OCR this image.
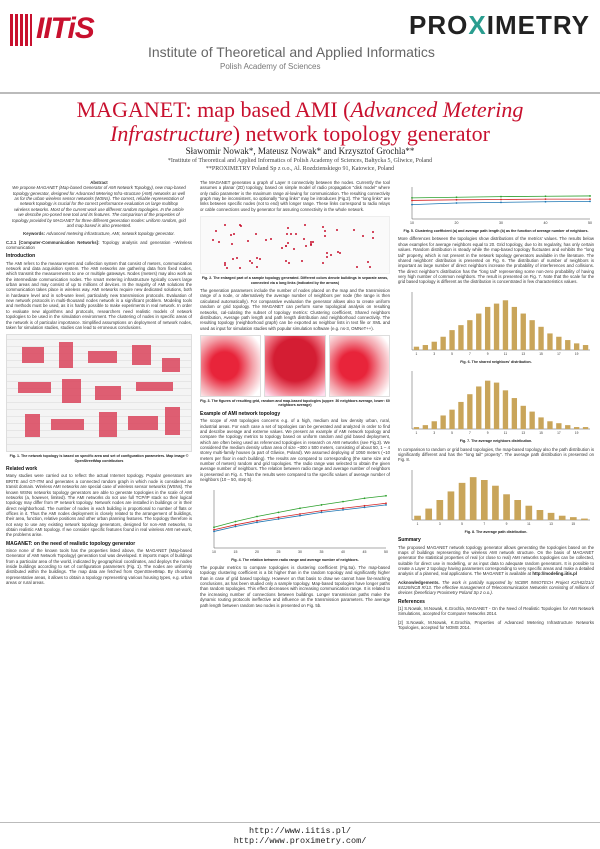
IITiS
Institute of Theoretical and Applied Informatics
Polish Academy of Sciences
PROXIMETRY
MAGANET: map based AMI (Advanced Metering Infrastructure) network topology generator
Sławomir Nowak*, Mateusz Nowak* and Krzysztof Grochla**
*Institute of Theoretical and Applied Informatics of Polish Academy of Sciences, Bałtycka 5, Gliwice, Poland
**PROXIMETRY Poland Sp z o.o., Al. Rozdzienskiego 91, Katowice, Poland
Abstract

We propose MAGANET (Map-based Generator of AMI Network Topology), new map-based topology generator, designed for Advanced Metering Infra-structure (AMI) networks as well as for the urban wireless sensor networks (WSNs). The correct, reliable representation of network topology is crucial for the correct performance evaluation on large multihop wireless networks. Most of the current work use different random topologies. In the article we describe pro-posed new tool and its features. The comparison of the properties of topology provided by MAGANET for three different generation modes: uniform random, grid and map based is also presented.

Keywords: Advanced metering infrastructure, AMI, network topology generator.

C.2.1 [Computer-Communication Networks]: Topology analysis and generation –Wireless communication

Introduction

The AMI refers to the measurement and collection system that consist of meters, communication network and data acquisition system. The AMI networks are gathering data from fixed nodes, which transmit the measurements to one or multiple gateways. Nodes (meters) may also work as the intermediate communication nodes. The smart metering infrastructure typically covers large urban areas and may consist of up to millions of devices. In the majority of AMI solutions the communication takes place in wireless way. AMI networks require new dedicated solutions, both in hardware level and in soft-ware level, particularly new transmission protocols. Evaluation of new network protocols in multi-thousand nodes network is a significant problem. Modeling tools and methods must be used, as it is hardly possible to make experiments in real network. In order to evaluate new algorithms and protocols, researchers need realistic models of network topologies to be used in the simulation environment. The clustering of nodes in specific areas of the network is of particular importance. Simplified assumptions on deployment of network nodes, taken for simulation studies, studies can lead to erroneous conclusions.

Fig. 1. The network topology is based on specific area and set of configuration parameters. Map image © OpenStreetMap contributors
Related work

Many studies were carried out to reflect the actual Internet topology. Popular generators are BRITE and GT-ITM and generates a connected random graph in which node is considered as transit domain. Wireless AMI networks are special case of wireless sensor networks (WSNs). The known WSNs networks topology generators are able to generate topologies in the scale of AMI networks (a, however, limited). The AMI networks do not use full TCP/IP stack so their logical topology may differ from IP network topology. Network nodes are installed in buildings or in their direct neighborhood. The number of nodes in each building is proportional to number of flats or offices in it. Thus the AMI nodes deployment is closely related to the arrangement of buildings, their area, function, relative positions and other urban planning features. The topology therefore is not easy to use any existing network topology generators, designed for non-AMI networks, to obtain realistic AMI topology. If we consider specific features found in real wireless AMI net-work, the problems arise.

MAGANET: on the need of realistic topology generator

Since none of the known tools has the properties listed above, the MAGANET (Map-based Generator of AMI Network Topology) generation tool was developed. It imports maps of buildings from a particular area of the world, indicated by geographical coordinates, and deploys the nodes inside buildings according to set of configuration parameters (Fig. 1). The nodes are uniformly distributed within the buildings. The map data are fetched from OpenStreetMap. By choosing representative areas, it allows to obtain a topology representing various housing types, e.g. urban areas or rural areas.

The MAGANET generates a graph of Layer II connectivity between the nodes. Currently the tool assumes a planar (2D) topology, based on simple model of radio propagation "disk model" where only radio parameter is the maximum range al-lowing for communication. The resulting connectivity graph may be inconsistent, so optionally "long links" may be introduces (Fig.2). The "long links" are links between specific nodes (not to end) with longer range. These links correspond to radio relays or cable connections used by generator for assuring connectivity in the whole network.

Fig. 2. The enlarged part of a sample topology generated. Different colors denote buildings in separate areas, connected via a long links (indicated by the arrows)

The generation parameters include the number of nodes placed on the map and the transmission range of a node, or alternatively the average number of neighbors per node (the range is then calculated automatically). For comparative evaluation the generator allows also to create uniform random or grid topology. The MAGANET can perform some topological analysis on resulting networks, cal-culating the subset of topology metrics: Clustering coefficient, Shared neighbors distribution, Average path length and path length distribution and neighborhood connectivity. The resulting topology (neighborhood graph) can be exported as neighbor lists in text file or XML and used as input for simulation studies with popular simulation software (e.g. ns-3, OMNeT++).

Fig. 3. The figures of resulting grid, random and map-based topologies (upper: 30 neighbors average, lower: 60 neighbors average)
Example of AMI network topology

The scope of AMI topologies concerns e.g. of a high, medium and low density urban, rural, industrial areas. For each case a set of topologies can be generated and analyzed in order to find and describe average and extreme values. We present an example of AMI network topology and compare the topology metrics to topology based on uniform random and grid based deployment, which are often being used as referenced topologies in research on AMI networks (see Fig.3). We considered the medium density urban area of size ~300 x 500 meters, consisting of about 50, 1 – 4 storey multi-family houses (a part of Gliwice, Poland). We assumed deploying of 1050 meters (~10 meters per floor in each building). The results are compared to corresponding (the same size and number of meters) random and grid topologies. The radio range was selected to obtain the given average number of neighbors. The relation between radio range and average number of neighbors is presented on Fig. 4. Than the results were compared to the specific values of average number of neighbors (10 – 50, step 5).

10	15	20	25	30	35	40	45	50
Fig. 4. The relation between radio range and average number of neighbors.

The popular metrics to compare topologies is clustering coefficient (Fig.5a). The map-based topology clustering coefficient is a bit higher than in the random topology and significantly higher than in case of grid based topology. However on that basis to draw we cannot have far-reaching conclusions, as has been studied only a sample topology. Map-based topologies have longer paths than random topologies. This effect decreases with increasing communication range. It is related to the increasing number of connections between buildings. Longer transmission paths make the dynamic routing protocols ineffective and influence on the transmission parameters. The average path length between random two nodes is presented on Fig. 5b.

10	20	30	40	50
Fig. 5. Clustering coefficient (a) and average path length (b) as the function of average number of neighbors.

More differences between the topologies show distributions of the metrics' values. The results below show examples for average neighbors equal to 20. Grid topology, due to its regularity, has only certain values. Random distribution is steady while the map-based topology fluctuates and exhibits the "long tail" property, which is not present in the network topology generators available in the literature. The shared neighbors' distribution is presented on Fig. 6. The distribution of number of neighbors is important as large number of direct neighbors increase the probability of interferences and collisions. The direct neighbor's distribution has the "long tail" representing some non-zero probability of having very high number of common neighbors. The result is presented on Fig. 7. Note that the scale for the grid based topology is different as the distribution is concentrated in few characteristics values.

1	3	5	7	9	11	13	15	17	19
Fig. 6. The shared neighbors' distribution.
1	3	5	7	9	11	13	15	17	19
Fig. 7. The average neighbors distribution.

In comparison to random or grid based topologies, the map-based topology also the path distribution is significantly different and has the "long tail" property". The average path distribution is presented on Fig. 8.

1	3	5	7	9	11	13	15
Fig. 8. The average path distribution.
Summary

The proposed MAGANET network topology generator allows generating the topologies based on the maps of buildings representing the wireless AMI network structure. On the basis of MAGANET generator the statistical properties of real (or close to real) AMI networks topologies can be collected, suitable for direct use in modelling, or as input data to adequate random generators. It is possible to create a Layer 2 topology having parameters corresponding to very specific areas and make a detailed analysis of a planned, real applications. The MAGANET is available at http://modeling.iitis.pl

Acknowledgements. The work is partially supported by NCBIR INNOTECH Project K2/HI2/21/1 84126/NCB R/13. The effective management of Telecommunication Networks consisting of millions of devices (beneficiary Proximetry Poland Sp z o.o.).

References

[1] S.Nowak, M.Nowak, K.Grochla, MAGANET - On the Need of Realistic Topologies for AMI Network Simulations, accepted for Computer Networks 2014.

[2] S.Nowak, M.Nowak, K.Grochla, Properties of Advanced Metering Infrastructure Networks Topologies, accepted for NOMS 2014.

http://www.iitis.pl/
http://www.proximetry.com/
